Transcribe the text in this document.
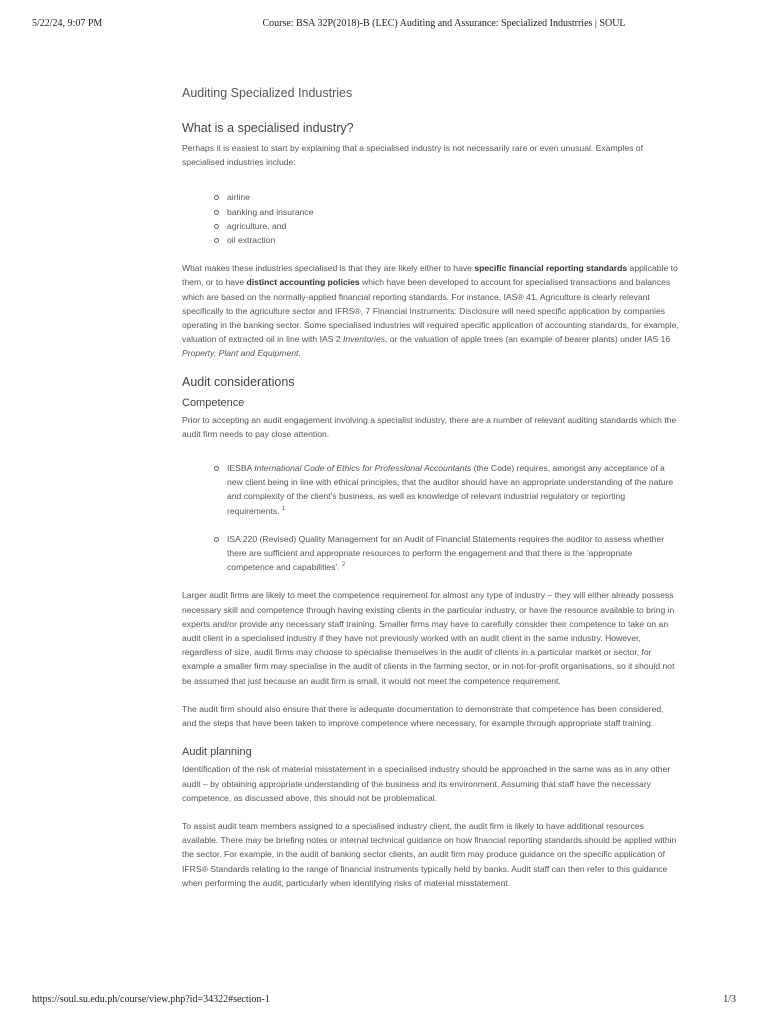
5/22/24, 9:07 PM	Course: BSA 32P(2018)-B (LEC) Auditing and Assurance: Specialized Industrries | SOUL
Auditing Specialized Industries
What is a specialised industry?

Perhaps it is easiest to start by explaining that a specialised industry is not necessarily rare or even unusual. Examples of specialised industries include:

airline
banking and insurance
agriculture, and
oil extraction

What makes these industries specialised is that they are likely either to have specific financial reporting standards applicable to them, or to have distinct accounting policies which have been developed to account for specialised transactions and balances which are based on the normally-applied financial reporting standards. For instance, IAS® 41, Agriculture is clearly relevant specifically to the agriculture sector and IFRS®, 7 Financial Instruments: Disclosure will need specific application by companies operating in the banking sector. Some specialised industries will required specific application of accounting standards, for example, valuation of extracted oil in line with IAS 2 Inventories, or the valuation of apple trees (an example of bearer plants) under IAS 16 Property, Plant and Equipment.

Audit considerations
Competence

Prior to accepting an audit engagement involving a specialist industry, there are a number of relevant auditing standards which the audit firm needs to pay close attention.

IESBA International Code of Ethics for Professional Accountants (the Code) requires, amongst any acceptance of a new client being in line with ethical principles, that the auditor should have an appropriate understanding of the nature and complexity of the client's business, as well as knowledge of relevant industrial regulatory or reporting requirements. $^1$
ISA 220 (Revised) Quality Management for an Audit of Financial Statements requires the auditor to assess whether there are sufficient and appropriate resources to perform the engagement and that there is the 'appropriate competence and capabilities'. $^2$

Larger audit firms are likely to meet the competence requirement for almost any type of industry – they will either already possess necessary skill and competence through having existing clients in the particular industry, or have the resource available to bring in experts and/or provide any necessary staff training. Smaller firms may have to carefully consider their competence to take on an audit client in a specialised industry if they have not previously worked with an audit client in the same industry. However, regardless of size, audit firms may choose to specialise themselves in the audit of clients in a particular market or sector, for example a smaller firm may specialise in the audit of clients in the farming sector, or in not-for-profit organisations, so it should not be assumed that just because an audit firm is small, it would not meet the competence requirement.

The audit firm should also ensure that there is adequate documentation to demonstrate that competence has been considered, and the steps that have been taken to improve competence where necessary, for example through appropriate staff training.

Audit planning

Identification of the risk of material misstatement in a specialised industry should be approached in the same was as in any other audit – by obtaining appropriate understanding of the business and its environment. Assuming that staff have the necessary competence, as discussed above, this should not be problematical.

To assist audit team members assigned to a specialised industry client, the audit firm is likely to have additional resources available. There may be briefing notes or internal technical guidance on how financial reporting standards should be applied within the sector. For example, in the audit of banking sector clients, an audit firm may produce guidance on the specific application of IFRS® Standards relating to the range of financial instruments typically held by banks. Audit staff can then refer to this guidance when performing the audit, particularly when identifying risks of material misstatement.

https://soul.su.edu.ph/course/view.php?id=34322#section-1	1/3
